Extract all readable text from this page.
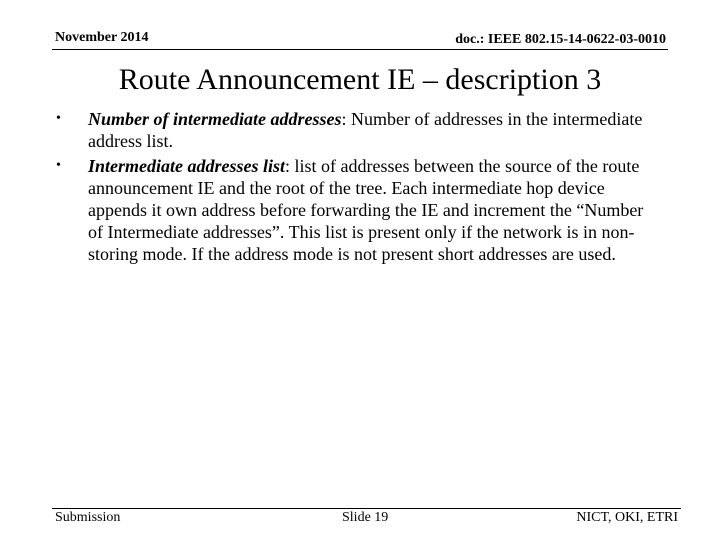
November 2014	doc.: IEEE 802.15-14-0622-03-0010
Route Announcement IE – description 3
•	Number of intermediate addresses: Number of addresses in the intermediate address list.
•	Intermediate addresses list: list of addresses between the source of the route announcement IE and the root of the tree. Each intermediate hop device appends it own address before forwarding the IE and increment the “Number of Intermediate addresses”. This list is present only if the network is in non-storing mode. If the address mode is not present short addresses are used.
Submission	Slide 19	NICT, OKI, ETRI
